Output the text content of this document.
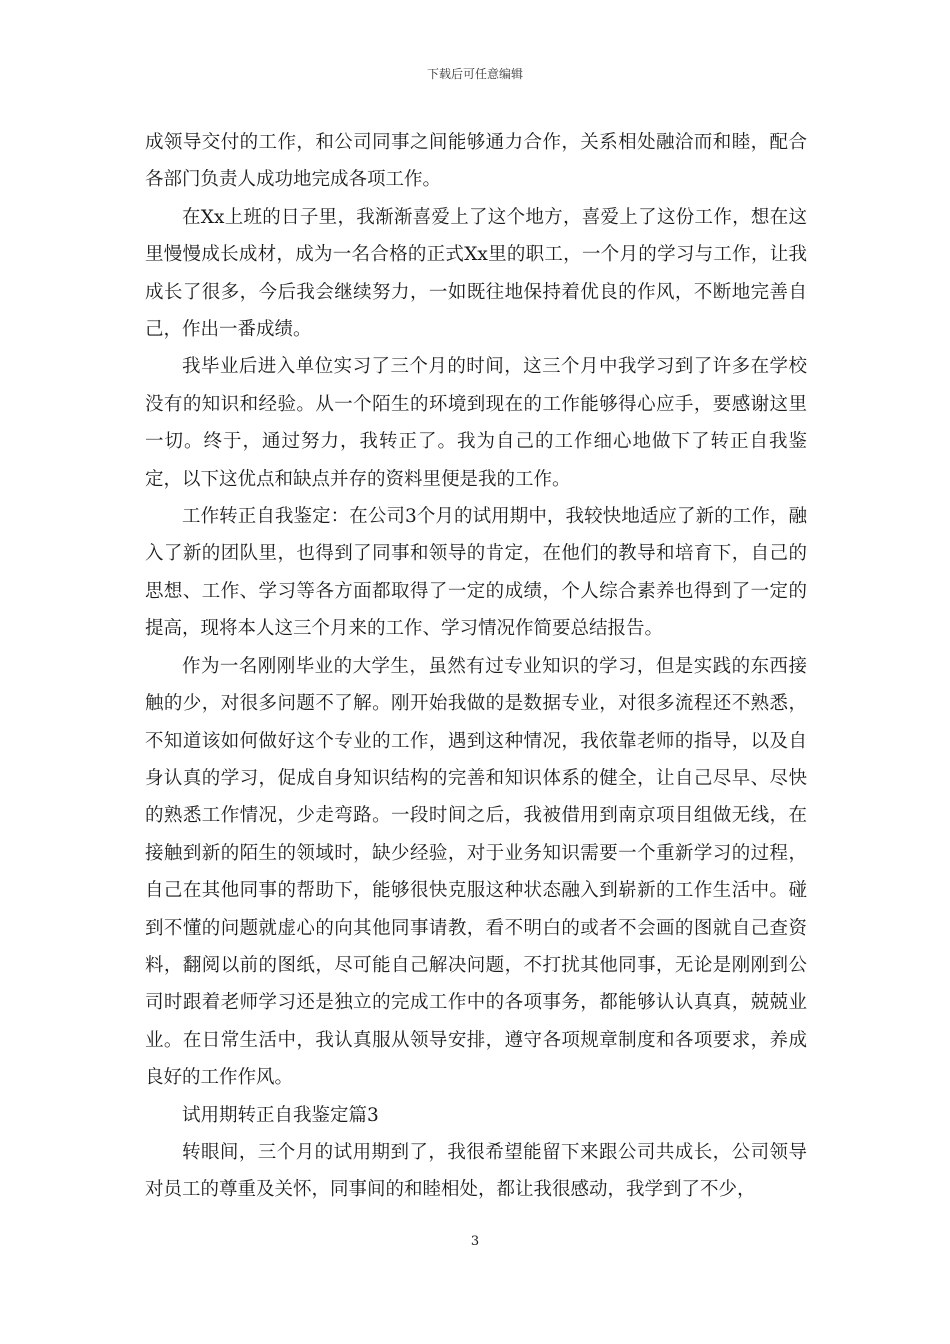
下载后可任意编辑

成领导交付的工作，和公司同事之间能够通力合作，关系相处融洽而和睦，配合各部门负责人成功地完成各项工作。

在Xx上班的日子里，我渐渐喜爱上了这个地方，喜爱上了这份工作，想在这里慢慢成长成材，成为一名合格的正式Xx里的职工，一个月的学习与工作，让我成长了很多，今后我会继续努力，一如既往地保持着优良的作风，不断地完善自己，作出一番成绩。

我毕业后进入单位实习了三个月的时间，这三个月中我学习到了许多在学校没有的知识和经验。从一个陌生的环境到现在的工作能够得心应手，要感谢这里一切。终于，通过努力，我转正了。我为自己的工作细心地做下了转正自我鉴定，以下这优点和缺点并存的资料里便是我的工作。

工作转正自我鉴定：在公司3个月的试用期中，我较快地适应了新的工作，融入了新的团队里，也得到了同事和领导的肯定，在他们的教导和培育下，自己的思想、工作、学习等各方面都取得了一定的成绩，个人综合素养也得到了一定的提高，现将本人这三个月来的工作、学习情况作简要总结报告。

作为一名刚刚毕业的大学生，虽然有过专业知识的学习，但是实践的东西接触的少，对很多问题不了解。刚开始我做的是数据专业，对很多流程还不熟悉，不知道该如何做好这个专业的工作，遇到这种情况，我依靠老师的指导，以及自身认真的学习，促成自身知识结构的完善和知识体系的健全，让自己尽早、尽快的熟悉工作情况，少走弯路。一段时间之后，我被借用到南京项目组做无线，在接触到新的陌生的领域时，缺少经验，对于业务知识需要一个重新学习的过程，自己在其他同事的帮助下，能够很快克服这种状态融入到崭新的工作生活中。碰到不懂的问题就虚心的向其他同事请教，看不明白的或者不会画的图就自己查资料，翻阅以前的图纸，尽可能自己解决问题，不打扰其他同事，无论是刚刚到公司时跟着老师学习还是独立的完成工作中的各项事务，都能够认认真真，兢兢业业。在日常生活中，我认真服从领导安排，遵守各项规章制度和各项要求，养成良好的工作作风。

试用期转正自我鉴定篇3

转眼间，三个月的试用期到了，我很希望能留下来跟公司共成长，公司领导对员工的尊重及关怀，同事间的和睦相处，都让我很感动，我学到了不少，

3
